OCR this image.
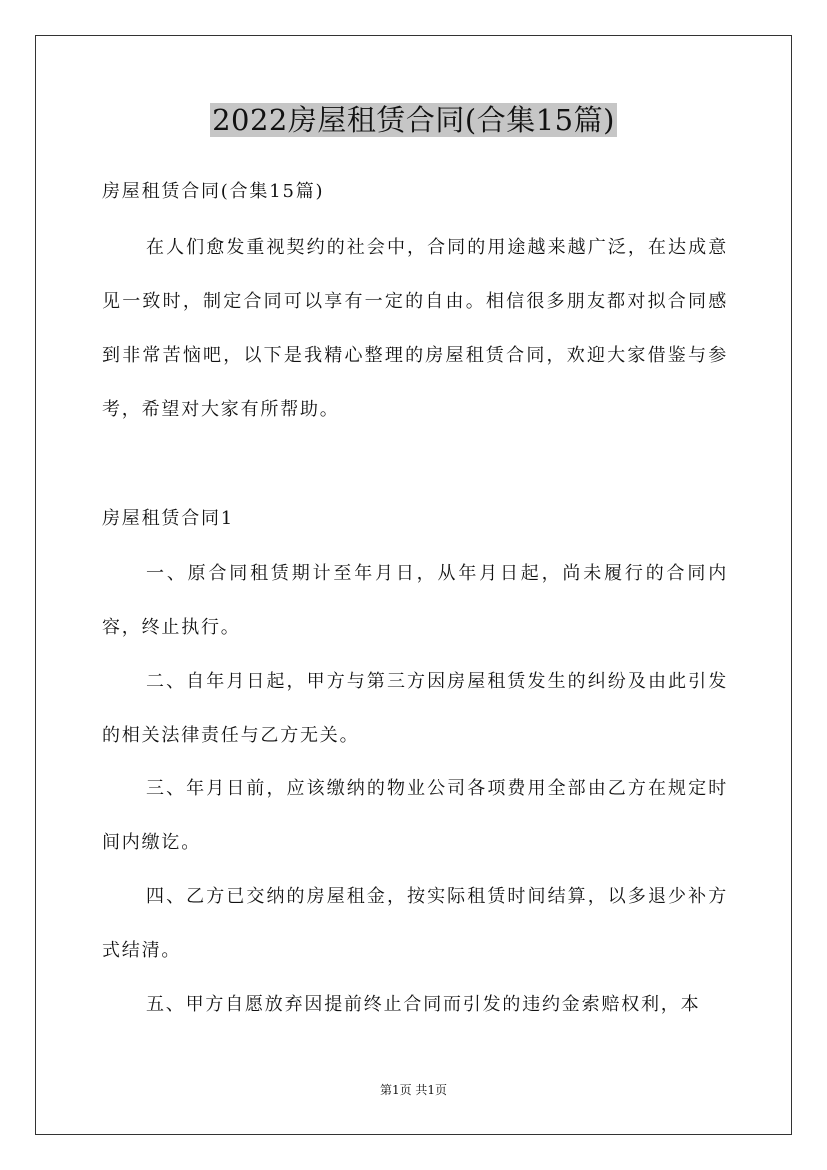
2022房屋租赁合同(合集15篇)
房屋租赁合同(合集15篇)
在人们愈发重视契约的社会中，合同的用途越来越广泛，在达成意见一致时，制定合同可以享有一定的自由。相信很多朋友都对拟合同感到非常苦恼吧，以下是我精心整理的房屋租赁合同，欢迎大家借鉴与参考，希望对大家有所帮助。
房屋租赁合同1
一、原合同租赁期计至年月日，从年月日起，尚未履行的合同内容，终止执行。
二、自年月日起，甲方与第三方因房屋租赁发生的纠纷及由此引发的相关法律责任与乙方无关。
三、年月日前，应该缴纳的物业公司各项费用全部由乙方在规定时间内缴讫。
四、乙方已交纳的房屋租金，按实际租赁时间结算，以多退少补方式结清。
五、甲方自愿放弃因提前终止合同而引发的违约金索赔权利，本
第1页 共1页
